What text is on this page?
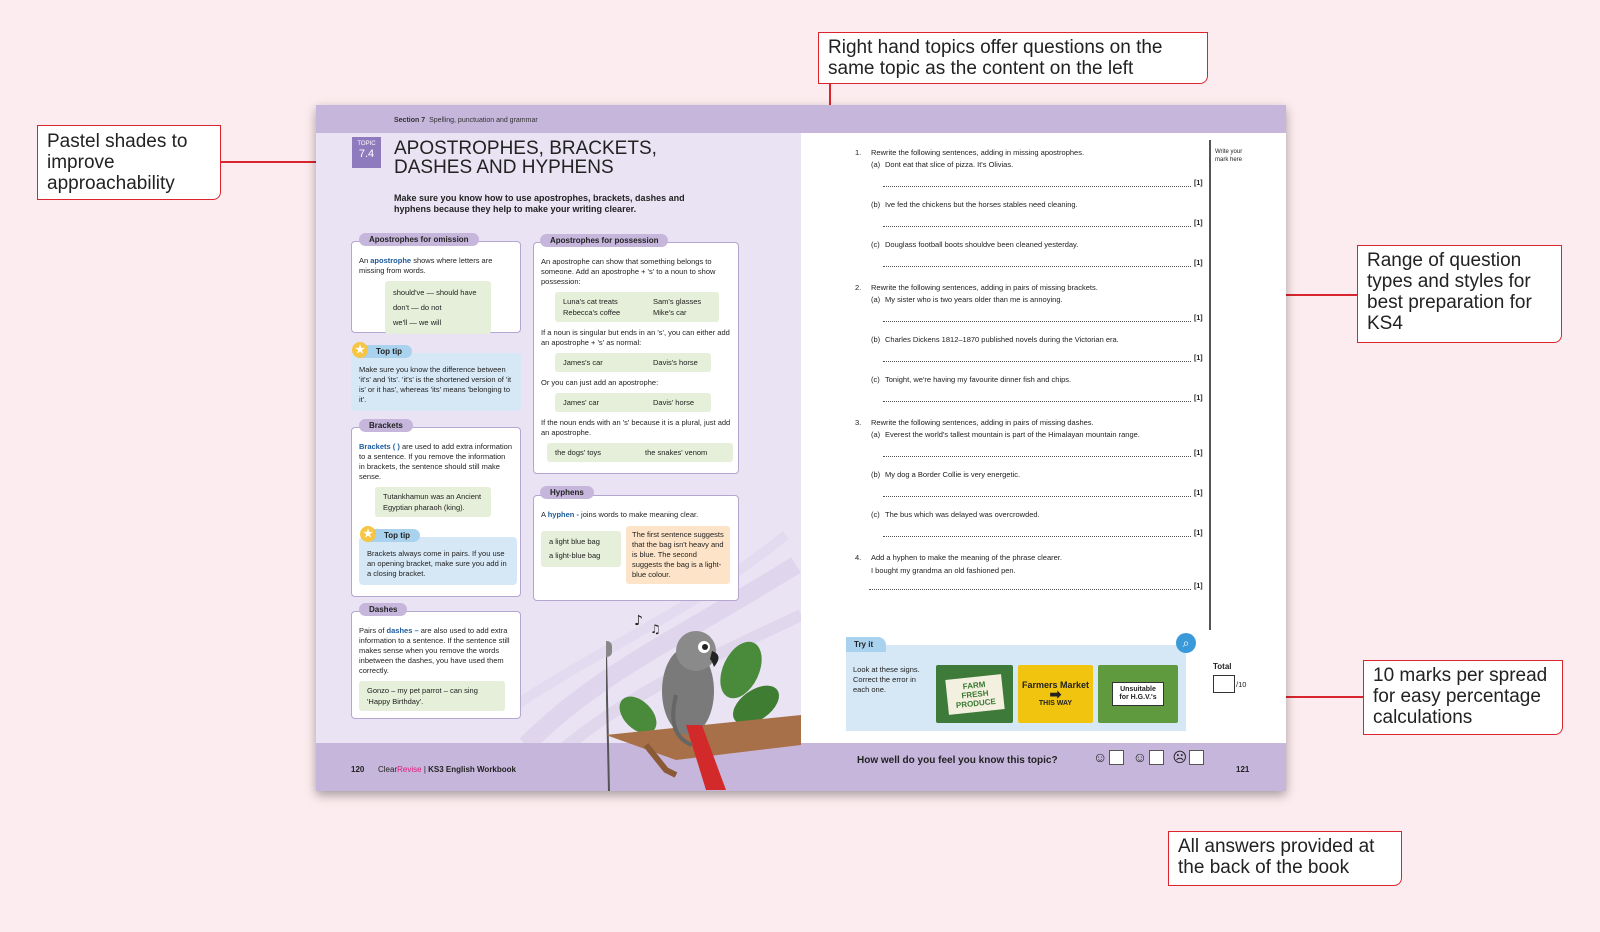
Pastel shades to improve approachability
Right hand topics offer questions on the same topic as the content on the left
Range of question types and styles for best preparation for KS4
10 marks per spread for easy percentage calculations
All answers provided at the back of the book
Section 7 Spelling, punctuation and grammar
TOPIC
7.4	APOSTROPHES, BRACKETS, DASHES AND HYPHENS
Make sure you know how to use apostrophes, brackets, dashes and hyphens because they help to make your writing clearer.
An apostrophe shows where letters are missing from words.
should've — should have
don't — do not
we'll — we will
Apostrophes for omission
Make sure you know the difference between 'it's' and 'its'. 'it's' is the shortened version of 'it is' or it has', whereas 'its' means 'belonging to it'.
★	Top tip
Brackets ( ) are used to add extra information to a sentence. If you remove the information in brackets, the sentence should still make sense.
Tutankhamun was an Ancient Egyptian pharaoh (king).
Brackets
Brackets always come in pairs. If you use an opening bracket, make sure you add in a closing bracket.
★	Top tip
Pairs of dashes – are also used to add extra information to a sentence. If the sentence still makes sense when you remove the words inbetween the dashes, you have used them correctly.
Gonzo – my pet parrot – can sing 'Happy Birthday'.
Dashes
An apostrophe can show that something belongs to someone. Add an apostrophe + 's' to a noun to show possession:
Luna's cat treats	Sam's glasses
Rebecca's coffee	Mike's car
If a noun is singular but ends in an 's', you can either add an apostrophe + 's' as normal:
James's car	Davis's horse
Or you can just add an apostrophe:
James' car	Davis' horse
If the noun ends with an 's' because it is a plural, just add an apostrophe.
the dogs' toys	the snakes' venom
Apostrophes for possession
A hyphen - joins words to make meaning clear.
a light blue bag
a light-blue bag
The first sentence suggests that the bag isn't heavy and is blue. The second suggests the bag is a light-blue colour.
Hyphens
120 ClearRevise | KS3 English Workbook
♪ ♫
Write your mark here
1. Rewrite the following sentences, adding in missing apostrophes.
(a) Dont eat that slice of pizza. It's Olivias.
[1]
(b) Ive fed the chickens but the horses stables need cleaning.
[1]
(c) Douglass football boots shouldve been cleaned yesterday.
[1]
2. Rewrite the following sentences, adding in pairs of missing brackets.
(a) My sister who is two years older than me is annoying.
[1]
(b) Charles Dickens 1812–1870 published novels during the Victorian era.
[1]
(c) Tonight, we're having my favourite dinner fish and chips.
[1]
3. Rewrite the following sentences, adding in pairs of missing dashes.
(a) Everest the world's tallest mountain is part of the Himalayan mountain range.
[1]
(b) My dog a Border Collie is very energetic.
[1]
(c) The bus which was delayed was overcrowded.
[1]
4. Add a hyphen to make the meaning of the phrase clearer.
I bought my grandma an old fashioned pen.
[1]
Try it	⌕
Look at these signs. Correct the error in each one.	FARM FRESH PRODUCE
Farmers Market
➡
THIS WAY
Unsuitable for H.G.V.'s
Total
/10
How well do you feel you know this topic?	☺ ☺ ☹
121
